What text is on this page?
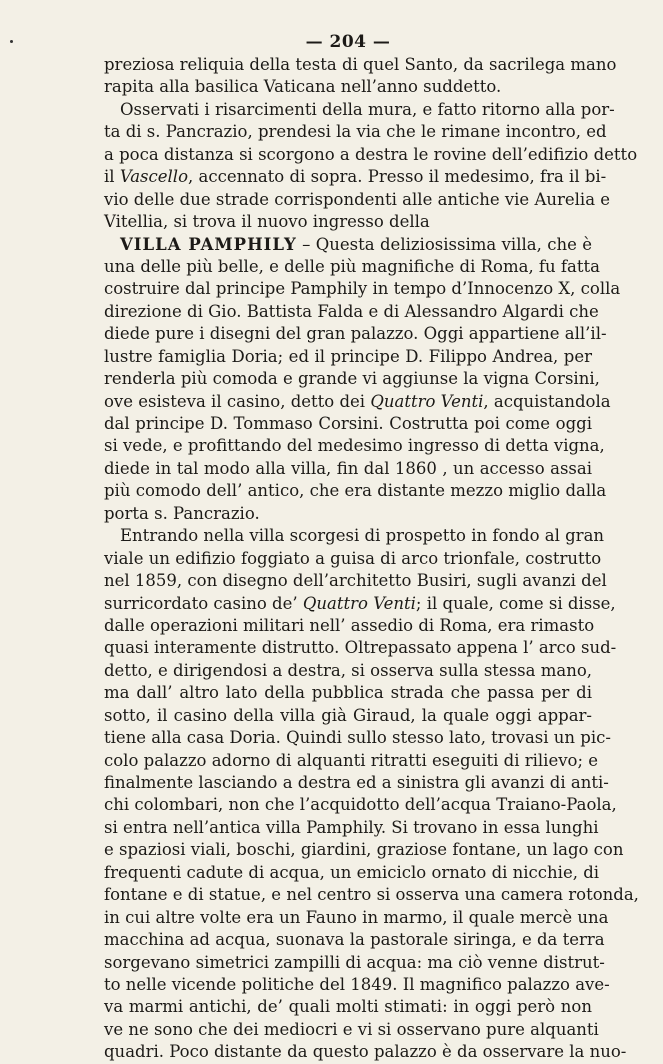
— 204 —
preziosa reliquia della testa di quel Santo, da sacrilega mano
rapita alla basilica Vaticana nell’anno suddetto.
Osservati i risarcimenti della mura, e fatto ritorno alla por-
ta di s. Pancrazio, prendesi la via che le rimane incontro, ed
a poca distanza si scorgono a destra le rovine dell’edifizio detto
il Vascello, accennato di sopra. Presso il medesimo, fra il bi-
vio delle due strade corrispondenti alle antiche vie Aurelia e
Vitellia, si trova il nuovo ingresso della
VILLA PAMPHILY – Questa deliziosissima villa, che è
una delle più belle, e delle più magnifiche di Roma, fu fatta
costruire dal principe Pamphily in tempo d’Innocenzo X, colla
direzione di Gio. Battista Falda e di Alessandro Algardi che
diede pure i disegni del gran palazzo. Oggi appartiene all’il-
lustre famiglia Doria; ed il principe D. Filippo Andrea, per
renderla più comoda e grande vi aggiunse la vigna Corsini,
ove esisteva il casino, detto dei Quattro Venti, acquistandola
dal principe D. Tommaso Corsini. Costrutta poi come oggi
si vede, e profittando del medesimo ingresso di detta vigna,
diede in tal modo alla villa, fin dal 1860 , un accesso assai
più comodo dell’ antico, che era distante mezzo miglio dalla
porta s. Pancrazio.
Entrando nella villa scorgesi di prospetto in fondo al gran
viale un edifizio foggiato a guisa di arco trionfale, costrutto
nel 1859, con disegno dell’architetto Busiri, sugli avanzi del
surricordato casino de’ Quattro Venti; il quale, come si disse,
dalle operazioni militari nell’ assedio di Roma, era rimasto
quasi interamente distrutto. Oltrepassato appena l’ arco sud-
detto, e dirigendosi a destra, si osserva sulla stessa mano,
ma dall’ altro lato della pubblica strada che passa per di
sotto, il casino della villa già Giraud, la quale oggi appar-
tiene alla casa Doria. Quindi sullo stesso lato, trovasi un pic-
colo palazzo adorno di alquanti ritratti eseguiti di rilievo; e
finalmente lasciando a destra ed a sinistra gli avanzi di anti-
chi colombari, non che l’acquidotto dell’acqua Traiano-Paola,
si entra nell’antica villa Pamphily. Si trovano in essa lunghi
e spaziosi viali, boschi, giardini, graziose fontane, un lago con
frequenti cadute di acqua, un emiciclo ornato di nicchie, di
fontane e di statue, e nel centro si osserva una camera rotonda,
in cui altre volte era un Fauno in marmo, il quale mercè una
macchina ad acqua, suonava la pastorale siringa, e da terra
sorgevano simetrici zampilli di acqua: ma ciò venne distrut-
to nelle vicende politiche del 1849. Il magnifico palazzo ave-
va marmi antichi, de’ quali molti stimati: in oggi però non
ve ne sono che dei mediocri e vi si osservano pure alquanti
quadri. Poco distante da questo palazzo è da osservare la nuo-
